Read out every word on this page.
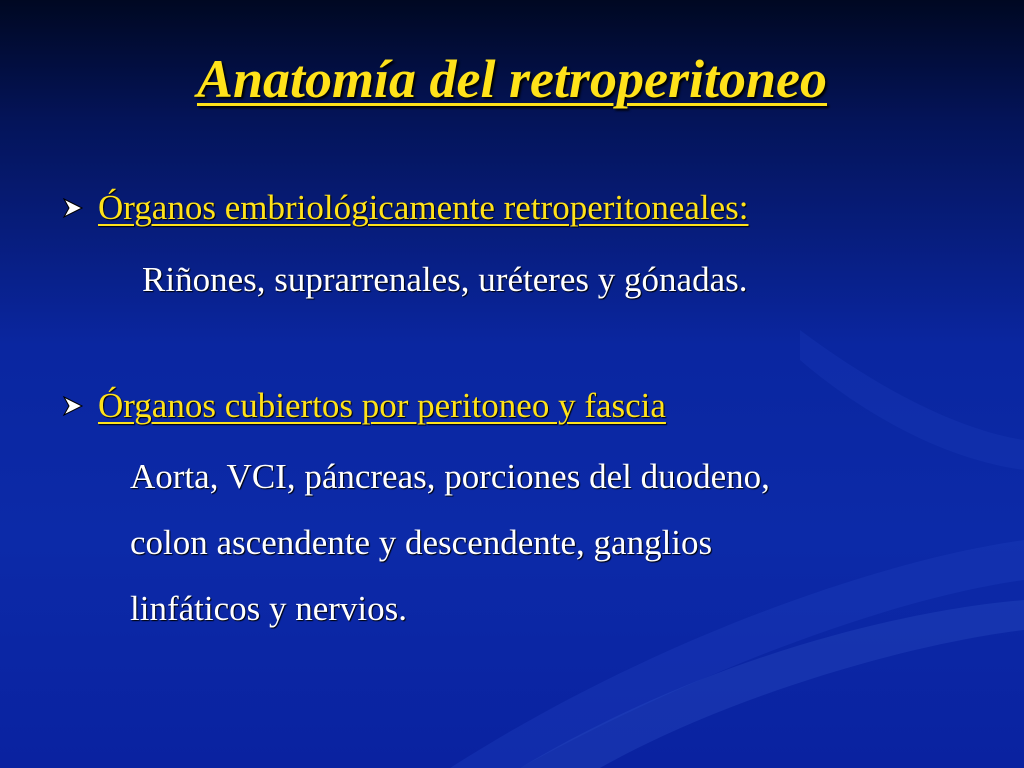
Anatomía del retroperitoneo
Órganos embriológicamente retroperitoneales:
Riñones, suprarrenales, uréteres y gónadas.
Órganos cubiertos por peritoneo y fascia
Aorta, VCI, páncreas, porciones del duodeno,
colon ascendente y descendente, ganglios
linfáticos y nervios.
